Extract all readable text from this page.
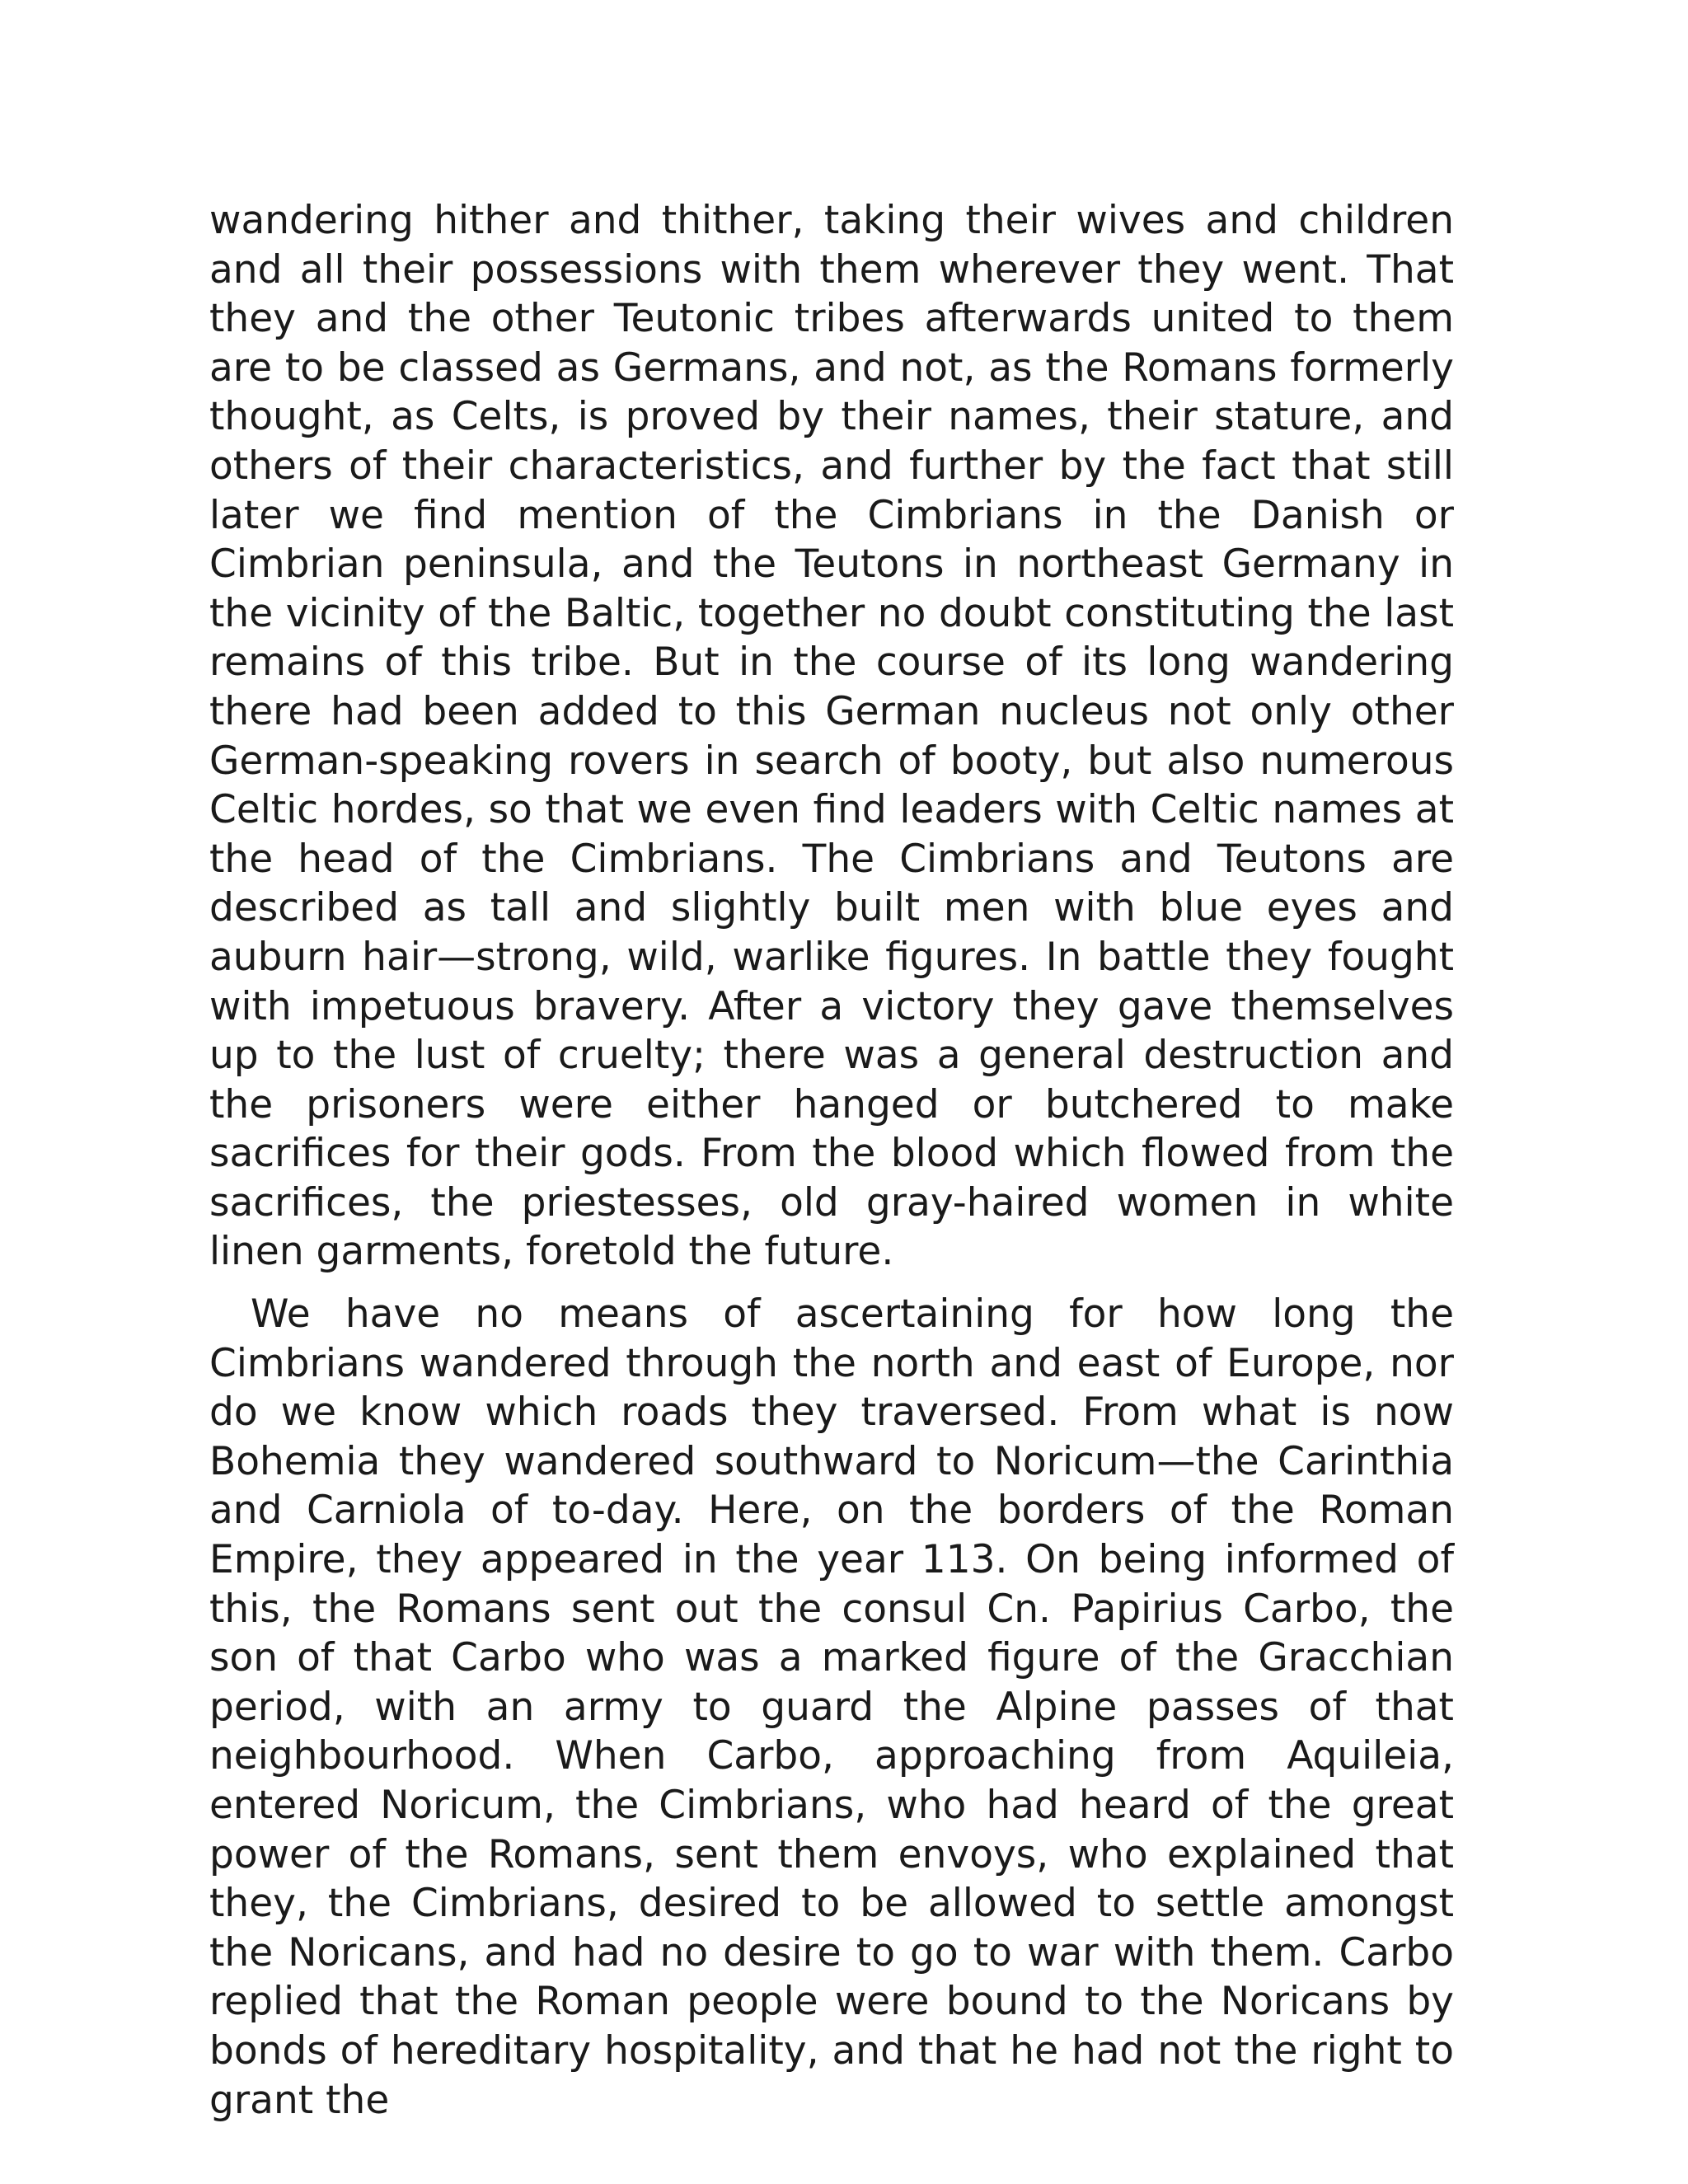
wandering hither and thither, taking their wives and children and all their possessions with them wherever they went. That they and the other Teutonic tribes afterwards united to them are to be classed as Germans, and not, as the Romans formerly thought, as Celts, is proved by their names, their stature, and others of their characteristics, and further by the fact that still later we find mention of the Cimbrians in the Danish or Cimbrian peninsula, and the Teutons in northeast Germany in the vicinity of the Baltic, together no doubt constituting the last remains of this tribe. But in the course of its long wandering there had been added to this German nucleus not only other German-speaking rovers in search of booty, but also numerous Celtic hordes, so that we even find leaders with Celtic names at the head of the Cimbrians. The Cimbrians and Teutons are described as tall and slightly built men with blue eyes and auburn hair—strong, wild, warlike figures. In battle they fought with impetuous bravery. After a victory they gave themselves up to the lust of cruelty; there was a general destruction and the prisoners were either hanged or butchered to make sacrifices for their gods. From the blood which flowed from the sacrifices, the priestesses, old gray-haired women in white linen garments, foretold the future.

We have no means of ascertaining for how long the Cimbrians wandered through the north and east of Europe, nor do we know which roads they traversed. From what is now Bohemia they wandered southward to Noricum—the Carinthia and Carniola of to-day. Here, on the borders of the Roman Empire, they appeared in the year 113. On being informed of this, the Romans sent out the consul Cn. Papirius Carbo, the son of that Carbo who was a marked figure of the Gracchian period, with an army to guard the Alpine passes of that neighbourhood. When Carbo, approaching from Aquileia, entered Noricum, the Cimbrians, who had heard of the great power of the Romans, sent them envoys, who explained that they, the Cimbrians, desired to be allowed to settle amongst the Noricans, and had no desire to go to war with them. Carbo replied that the Roman people were bound to the Noricans by bonds of hereditary hospitality, and that he had not the right to grant the
